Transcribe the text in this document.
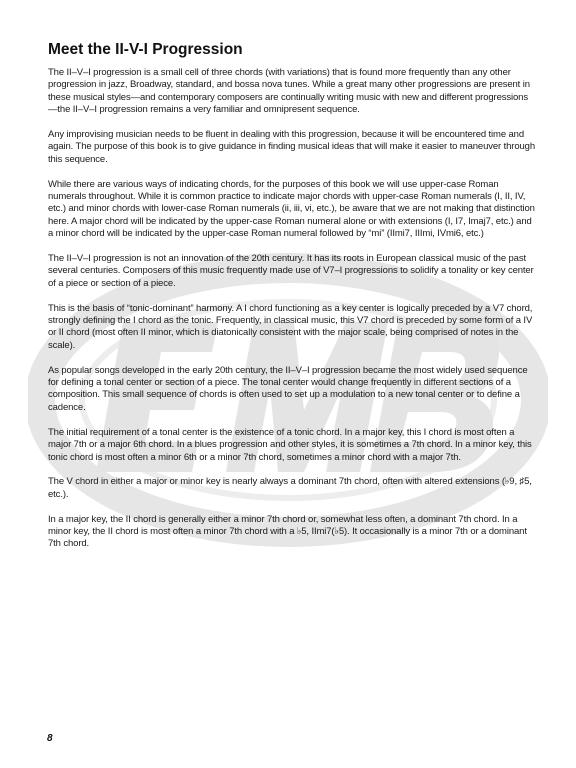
Meet the II-V-I Progression

The II–V–I progression is a small cell of three chords (with variations) that is found more frequently than any other progression in jazz, Broadway, standard, and bossa nova tunes. While a great many other progressions are present in these musical styles—and contemporary composers are continually writing music with new and different progressions—the II–V–I progression remains a very familiar and omnipresent sequence.

Any improvising musician needs to be fluent in dealing with this progression, because it will be encountered time and again. The purpose of this book is to give guidance in finding musical ideas that will make it easier to maneuver through this sequence.

While there are various ways of indicating chords, for the purposes of this book we will use upper-case Roman numerals throughout. While it is common practice to indicate major chords with upper-case Roman numerals (I, II, IV, etc.) and minor chords with lower-case Roman numerals (ii, iii, vi, etc.), be aware that we are not making that distinction here. A major chord will be indicated by the upper-case Roman numeral alone or with extensions (I, I7, Imaj7, etc.) and a minor chord will be indicated by the upper-case Roman numeral followed by “mi” (IImi7, IIImi, IVmi6, etc.)

The II–V–I progression is not an innovation of the 20th century. It has its roots in European classical music of the past several centuries. Composers of this music frequently made use of V7–I progressions to solidify a tonality or key center of a piece or section of a piece.

This is the basis of “tonic-dominant” harmony. A I chord functioning as a key center is logically preceded by a V7 chord, strongly defining the I chord as the tonic. Frequently, in classical music, this V7 chord is preceded by some form of a IV or II chord (most often II minor, which is diatonically consistent with the major scale, being comprised of notes in the scale).

As popular songs developed in the early 20th century, the II–V–I progression became the most widely used sequence for defining a tonal center or section of a piece. The tonal center would change frequently in different sections of a composition. This small sequence of chords is often used to set up a modulation to a new tonal center or to define a cadence.

The initial requirement of a tonal center is the existence of a tonic chord. In a major key, this I chord is most often a major 7th or a major 6th chord. In a blues progression and other styles, it is sometimes a 7th chord. In a minor key, this tonic chord is most often a minor 6th or a minor 7th chord, sometimes a minor chord with a major 7th.

The V chord in either a major or minor key is nearly always a dominant 7th chord, often with altered extensions (♭9, ♯5, etc.).

In a major key, the II chord is generally either a minor 7th chord or, somewhat less often, a dominant 7th chord. In a minor key, the II chord is most often a minor 7th chord with a ♭5, IImi7(♭5). It occasionally is a minor 7th or a dominant 7th chord.

8
